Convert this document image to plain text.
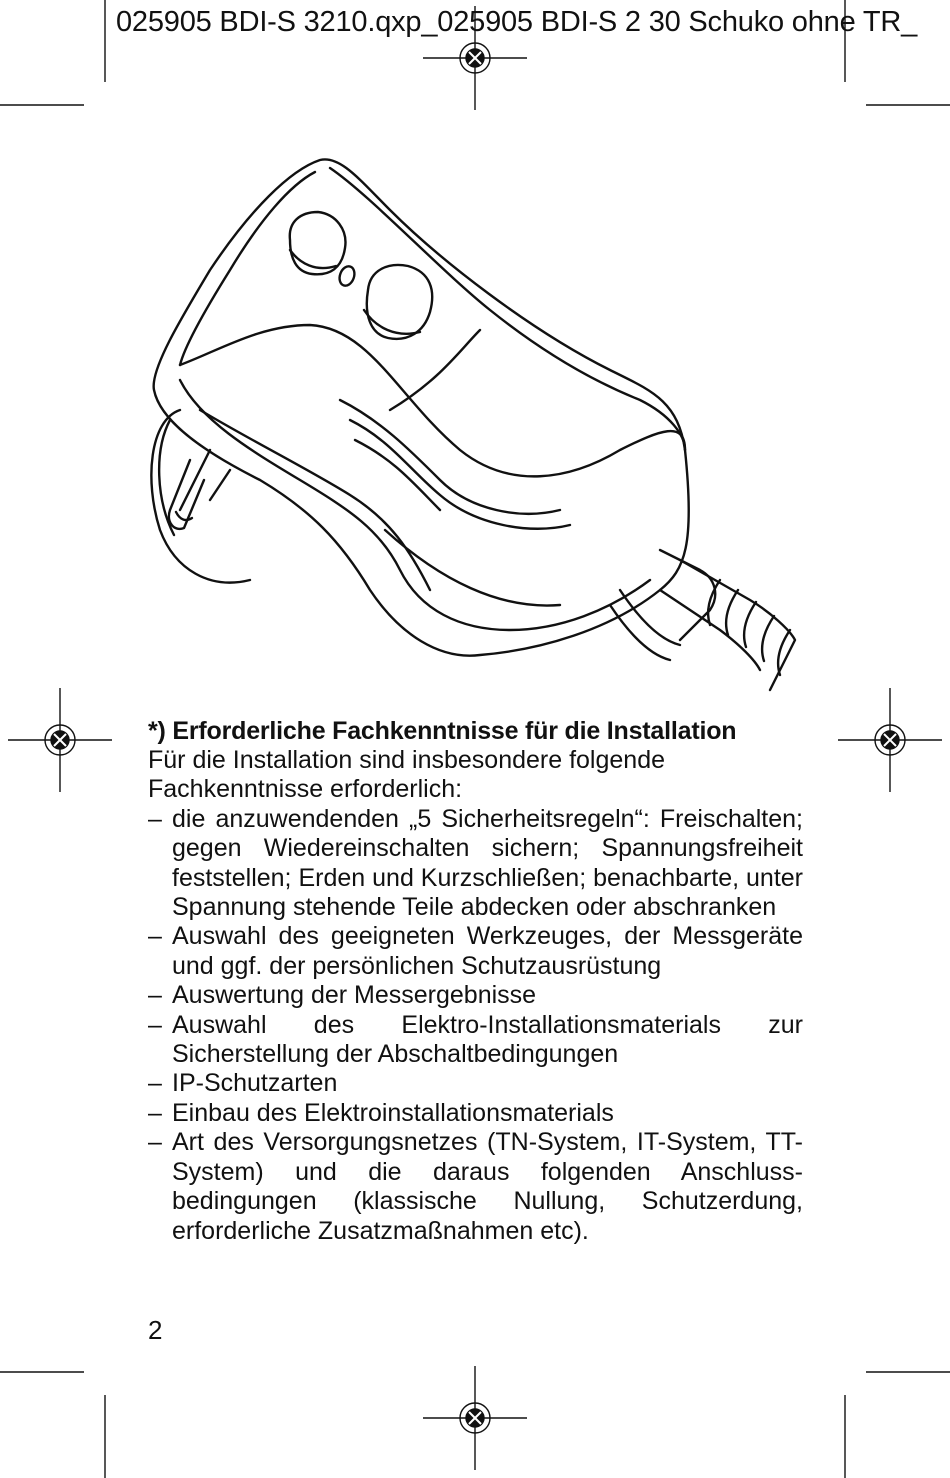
025905 BDI-S 3210.qxp_025905 BDI-S 2 30 Schuko ohne TR_

*) Erforderliche Fachkenntnisse für die Installation

Für die Installation sind insbesondere folgende Fachkenntnisse erforderlich:

– die anzuwendenden „5 Sicherheitsregeln“: Freischalten; gegen Wiedereinschalten sichern; Spannungsfreiheit feststellen; Erden und Kurzschließen; benachbarte, unter Spannung stehende Teile abdecken oder abschranken
– Auswahl des geeigneten Werkzeuges, der Messgeräte und ggf. der persönlichen Schutzausrüstung
– Auswertung der Messergebnisse
– Auswahl des Elektro-Installationsmaterials zur Sicherstellung der Abschaltbedingungen
– IP-Schutzarten
– Einbau des Elektroinstallationsmaterials
– Art des Versorgungsnetzes (TN-System, IT-System, TT-System) und die daraus folgenden Anschluss-bedingungen (klassische Nullung, Schutzerdung, erforderliche Zusatzmaßnahmen etc).
2
